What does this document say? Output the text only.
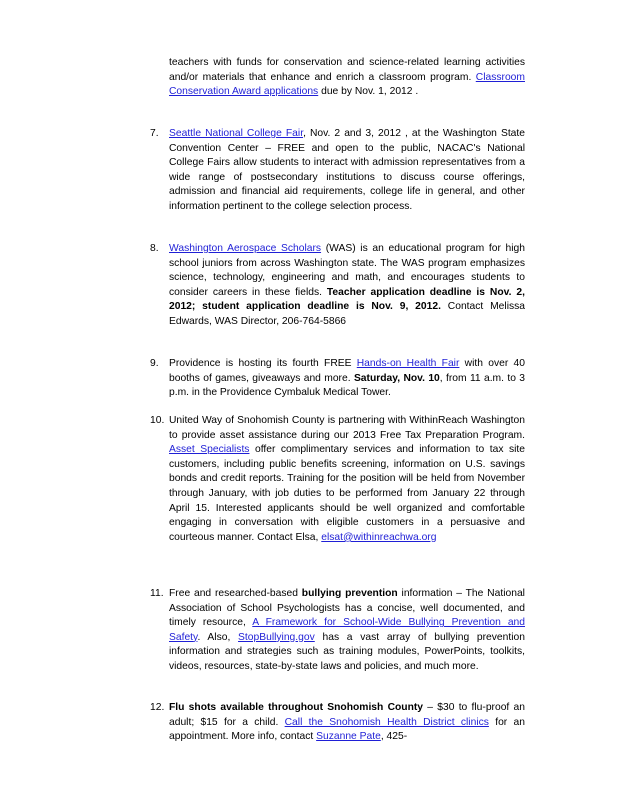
teachers with funds for conservation and science-related learning activities and/or materials that enhance and enrich a classroom program. Classroom Conservation Award applications due by Nov. 1, 2012 .
7. Seattle National College Fair, Nov. 2 and 3, 2012 , at the Washington State Convention Center – FREE and open to the public, NACAC's National College Fairs allow students to interact with admission representatives from a wide range of postsecondary institutions to discuss course offerings, admission and financial aid requirements, college life in general, and other information pertinent to the college selection process.
8. Washington Aerospace Scholars (WAS) is an educational program for high school juniors from across Washington state. The WAS program emphasizes science, technology, engineering and math, and encourages students to consider careers in these fields. Teacher application deadline is Nov. 2, 2012; student application deadline is Nov. 9, 2012. Contact Melissa Edwards, WAS Director, 206-764-5866
9. Providence is hosting its fourth FREE Hands-on Health Fair with over 40 booths of games, giveaways and more. Saturday, Nov. 10, from 11 a.m. to 3 p.m. in the Providence Cymbaluk Medical Tower.
10. United Way of Snohomish County is partnering with WithinReach Washington to provide asset assistance during our 2013 Free Tax Preparation Program. Asset Specialists offer complimentary services and information to tax site customers, including public benefits screening, information on U.S. savings bonds and credit reports. Training for the position will be held from November through January, with job duties to be performed from January 22 through April 15. Interested applicants should be well organized and comfortable engaging in conversation with eligible customers in a persuasive and courteous manner. Contact Elsa, elsat@withinreachwa.org
11. Free and researched-based bullying prevention information – The National Association of School Psychologists has a concise, well documented, and timely resource, A Framework for School-Wide Bullying Prevention and Safety. Also, StopBullying.gov has a vast array of bullying prevention information and strategies such as training modules, PowerPoints, toolkits, videos, resources, state-by-state laws and policies, and much more.
12. Flu shots available throughout Snohomish County – $30 to flu-proof an adult; $15 for a child. Call the Snohomish Health District clinics for an appointment. More info, contact Suzanne Pate, 425-
